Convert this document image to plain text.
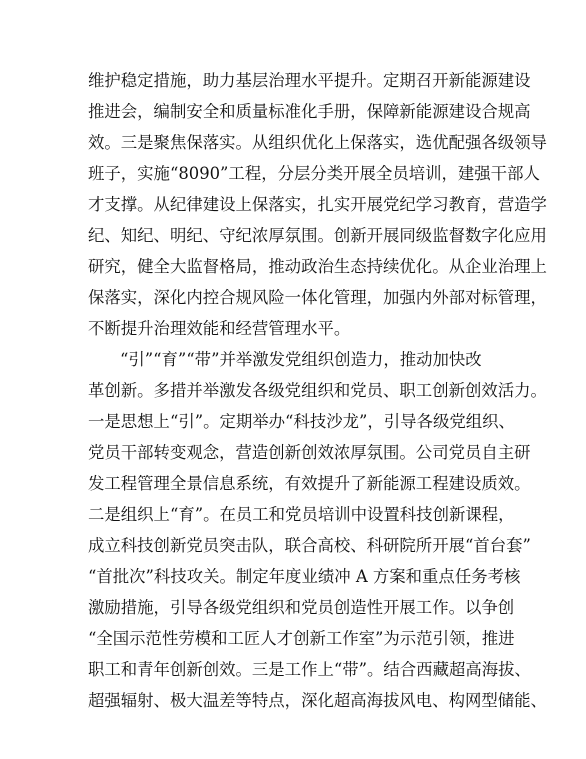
维护稳定措施，助力基层治理水平提升。定期召开新能源建设
推进会，编制安全和质量标准化手册，保障新能源建设合规高
效。三是聚焦保落实。从组织优化上保落实，选优配强各级领导
班子，实施“8090”工程，分层分类开展全员培训，建强干部人
才支撑。从纪律建设上保落实，扎实开展党纪学习教育，营造学
纪、知纪、明纪、守纪浓厚氛围。创新开展同级监督数字化应用
研究，健全大监督格局，推动政治生态持续优化。从企业治理上
保落实，深化内控合规风险一体化管理，加强内外部对标管理，
不断提升治理效能和经营管理水平。
“引”“育”“带”并举激发党组织创造力，推动加快改
革创新。多措并举激发各级党组织和党员、职工创新创效活力。
一是思想上“引”。定期举办“科技沙龙”，引导各级党组织、
党员干部转变观念，营造创新创效浓厚氛围。公司党员自主研
发工程管理全景信息系统，有效提升了新能源工程建设质效。
二是组织上“育”。在员工和党员培训中设置科技创新课程，
成立科技创新党员突击队，联合高校、科研院所开展“首台套”
“首批次”科技攻关。制定年度业绩冲 A 方案和重点任务考核
激励措施，引导各级党组织和党员创造性开展工作。以争创
“全国示范性劳模和工匠人才创新工作室”为示范引领，推进
职工和青年创新创效。三是工作上“带”。结合西藏超高海拔、
超强辐射、极大温差等特点，深化超高海拔风电、构网型储能、
